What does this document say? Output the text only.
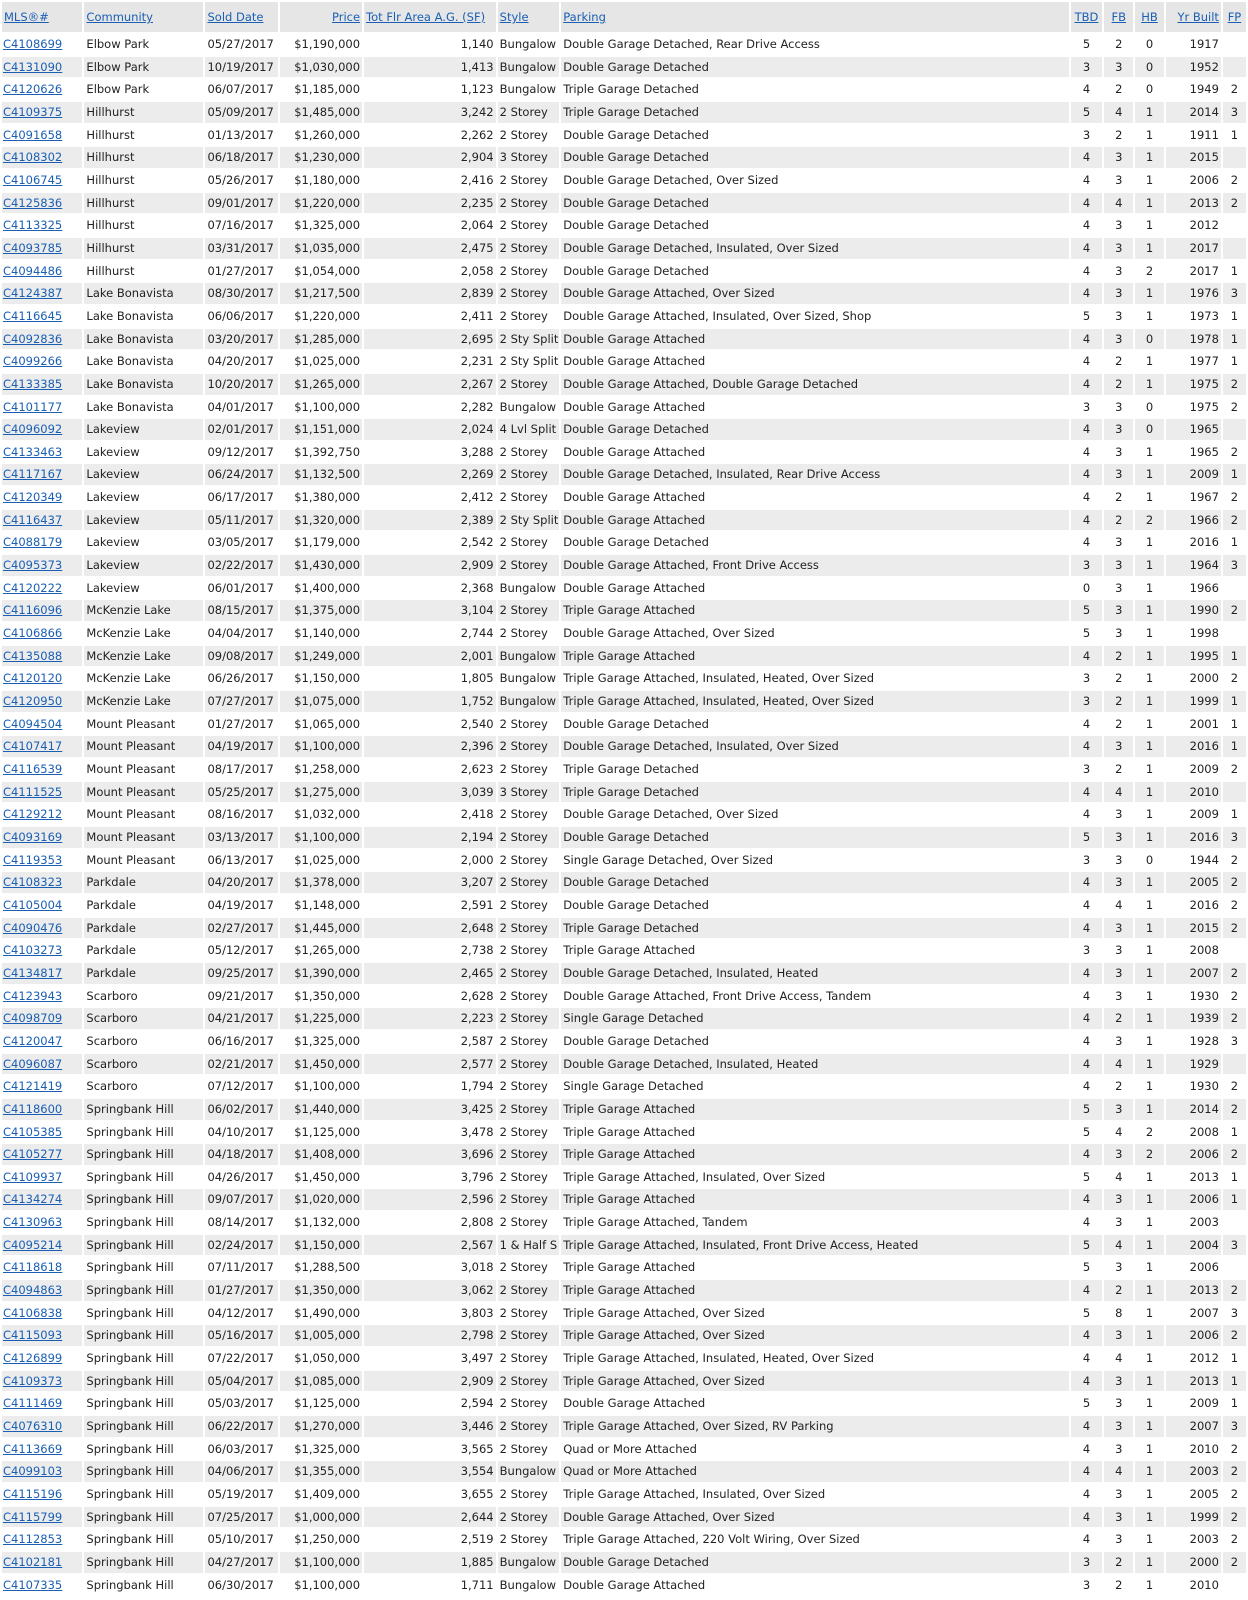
MLS®#	Community	Sold Date	Price	Tot Flr Area A.G. (SF)	Style	Parking	TBD	FB	HB	Yr Built	FP
C4108699	Elbow Park	05/27/2017	$1,190,000	1,140	Bungalow	Double Garage Detached, Rear Drive Access	5	2	0	1917	
C4131090	Elbow Park	10/19/2017	$1,030,000	1,413	Bungalow	Double Garage Detached	3	3	0	1952	
C4120626	Elbow Park	06/07/2017	$1,185,000	1,123	Bungalow	Triple Garage Detached	4	2	0	1949	2
C4109375	Hillhurst	05/09/2017	$1,485,000	3,242	2 Storey	Triple Garage Detached	5	4	1	2014	3
C4091658	Hillhurst	01/13/2017	$1,260,000	2,262	2 Storey	Double Garage Detached	3	2	1	1911	1
C4108302	Hillhurst	06/18/2017	$1,230,000	2,904	3 Storey	Double Garage Detached	4	3	1	2015	
C4106745	Hillhurst	05/26/2017	$1,180,000	2,416	2 Storey	Double Garage Detached, Over Sized	4	3	1	2006	2
C4125836	Hillhurst	09/01/2017	$1,220,000	2,235	2 Storey	Double Garage Detached	4	4	1	2013	2
C4113325	Hillhurst	07/16/2017	$1,325,000	2,064	2 Storey	Double Garage Detached	4	3	1	2012	
C4093785	Hillhurst	03/31/2017	$1,035,000	2,475	2 Storey	Double Garage Detached, Insulated, Over Sized	4	3	1	2017	
C4094486	Hillhurst	01/27/2017	$1,054,000	2,058	2 Storey	Double Garage Detached	4	3	2	2017	1
C4124387	Lake Bonavista	08/30/2017	$1,217,500	2,839	2 Storey	Double Garage Attached, Over Sized	4	3	1	1976	3
C4116645	Lake Bonavista	06/06/2017	$1,220,000	2,411	2 Storey	Double Garage Attached, Insulated, Over Sized, Shop	5	3	1	1973	1
C4092836	Lake Bonavista	03/20/2017	$1,285,000	2,695	2 Sty Split	Double Garage Attached	4	3	0	1978	1
C4099266	Lake Bonavista	04/20/2017	$1,025,000	2,231	2 Sty Split	Double Garage Attached	4	2	1	1977	1
C4133385	Lake Bonavista	10/20/2017	$1,265,000	2,267	2 Storey	Double Garage Attached, Double Garage Detached	4	2	1	1975	2
C4101177	Lake Bonavista	04/01/2017	$1,100,000	2,282	Bungalow	Double Garage Attached	3	3	0	1975	2
C4096092	Lakeview	02/01/2017	$1,151,000	2,024	4 Lvl Split	Double Garage Detached	4	3	0	1965	
C4133463	Lakeview	09/12/2017	$1,392,750	3,288	2 Storey	Double Garage Attached	4	3	1	1965	2
C4117167	Lakeview	06/24/2017	$1,132,500	2,269	2 Storey	Double Garage Detached, Insulated, Rear Drive Access	4	3	1	2009	1
C4120349	Lakeview	06/17/2017	$1,380,000	2,412	2 Storey	Double Garage Attached	4	2	1	1967	2
C4116437	Lakeview	05/11/2017	$1,320,000	2,389	2 Sty Split	Double Garage Attached	4	2	2	1966	2
C4088179	Lakeview	03/05/2017	$1,179,000	2,542	2 Storey	Double Garage Detached	4	3	1	2016	1
C4095373	Lakeview	02/22/2017	$1,430,000	2,909	2 Storey	Double Garage Attached, Front Drive Access	3	3	1	1964	3
C4120222	Lakeview	06/01/2017	$1,400,000	2,368	Bungalow	Double Garage Attached	0	3	1	1966	
C4116096	McKenzie Lake	08/15/2017	$1,375,000	3,104	2 Storey	Triple Garage Attached	5	3	1	1990	2
C4106866	McKenzie Lake	04/04/2017	$1,140,000	2,744	2 Storey	Double Garage Attached, Over Sized	5	3	1	1998	
C4135088	McKenzie Lake	09/08/2017	$1,249,000	2,001	Bungalow	Triple Garage Attached	4	2	1	1995	1
C4120120	McKenzie Lake	06/26/2017	$1,150,000	1,805	Bungalow	Triple Garage Attached, Insulated, Heated, Over Sized	3	2	1	2000	2
C4120950	McKenzie Lake	07/27/2017	$1,075,000	1,752	Bungalow	Triple Garage Attached, Insulated, Heated, Over Sized	3	2	1	1999	1
C4094504	Mount Pleasant	01/27/2017	$1,065,000	2,540	2 Storey	Double Garage Detached	4	2	1	2001	1
C4107417	Mount Pleasant	04/19/2017	$1,100,000	2,396	2 Storey	Double Garage Detached, Insulated, Over Sized	4	3	1	2016	1
C4116539	Mount Pleasant	08/17/2017	$1,258,000	2,623	2 Storey	Triple Garage Detached	3	2	1	2009	2
C4111525	Mount Pleasant	05/25/2017	$1,275,000	3,039	3 Storey	Triple Garage Detached	4	4	1	2010	
C4129212	Mount Pleasant	08/16/2017	$1,032,000	2,418	2 Storey	Double Garage Detached, Over Sized	4	3	1	2009	1
C4093169	Mount Pleasant	03/13/2017	$1,100,000	2,194	2 Storey	Double Garage Detached	5	3	1	2016	3
C4119353	Mount Pleasant	06/13/2017	$1,025,000	2,000	2 Storey	Single Garage Detached, Over Sized	3	3	0	1944	2
C4108323	Parkdale	04/20/2017	$1,378,000	3,207	2 Storey	Double Garage Detached	4	3	1	2005	2
C4105004	Parkdale	04/19/2017	$1,148,000	2,591	2 Storey	Double Garage Detached	4	4	1	2016	2
C4090476	Parkdale	02/27/2017	$1,445,000	2,648	2 Storey	Triple Garage Detached	4	3	1	2015	2
C4103273	Parkdale	05/12/2017	$1,265,000	2,738	2 Storey	Triple Garage Attached	3	3	1	2008	
C4134817	Parkdale	09/25/2017	$1,390,000	2,465	2 Storey	Double Garage Detached, Insulated, Heated	4	3	1	2007	2
C4123943	Scarboro	09/21/2017	$1,350,000	2,628	2 Storey	Double Garage Attached, Front Drive Access, Tandem	4	3	1	1930	2
C4098709	Scarboro	04/21/2017	$1,225,000	2,223	2 Storey	Single Garage Detached	4	2	1	1939	2
C4120047	Scarboro	06/16/2017	$1,325,000	2,587	2 Storey	Double Garage Detached	4	3	1	1928	3
C4096087	Scarboro	02/21/2017	$1,450,000	2,577	2 Storey	Double Garage Detached, Insulated, Heated	4	4	1	1929	
C4121419	Scarboro	07/12/2017	$1,100,000	1,794	2 Storey	Single Garage Detached	4	2	1	1930	2
C4118600	Springbank Hill	06/02/2017	$1,440,000	3,425	2 Storey	Triple Garage Attached	5	3	1	2014	2
C4105385	Springbank Hill	04/10/2017	$1,125,000	3,478	2 Storey	Triple Garage Attached	5	4	2	2008	1
C4105277	Springbank Hill	04/18/2017	$1,408,000	3,696	2 Storey	Triple Garage Attached	4	3	2	2006	2
C4109937	Springbank Hill	04/26/2017	$1,450,000	3,796	2 Storey	Triple Garage Attached, Insulated, Over Sized	5	4	1	2013	1
C4134274	Springbank Hill	09/07/2017	$1,020,000	2,596	2 Storey	Triple Garage Attached	4	3	1	2006	1
C4130963	Springbank Hill	08/14/2017	$1,132,000	2,808	2 Storey	Triple Garage Attached, Tandem	4	3	1	2003	
C4095214	Springbank Hill	02/24/2017	$1,150,000	2,567	1 & Half S	Triple Garage Attached, Insulated, Front Drive Access, Heated	5	4	1	2004	3
C4118618	Springbank Hill	07/11/2017	$1,288,500	3,018	2 Storey	Triple Garage Attached	5	3	1	2006	
C4094863	Springbank Hill	01/27/2017	$1,350,000	3,062	2 Storey	Triple Garage Attached	4	2	1	2013	2
C4106838	Springbank Hill	04/12/2017	$1,490,000	3,803	2 Storey	Triple Garage Attached, Over Sized	5	8	1	2007	3
C4115093	Springbank Hill	05/16/2017	$1,005,000	2,798	2 Storey	Triple Garage Attached, Over Sized	4	3	1	2006	2
C4126899	Springbank Hill	07/22/2017	$1,050,000	3,497	2 Storey	Triple Garage Attached, Insulated, Heated, Over Sized	4	4	1	2012	1
C4109373	Springbank Hill	05/04/2017	$1,085,000	2,909	2 Storey	Triple Garage Attached, Over Sized	4	3	1	2013	1
C4111469	Springbank Hill	05/03/2017	$1,125,000	2,594	2 Storey	Double Garage Attached	5	3	1	2009	1
C4076310	Springbank Hill	06/22/2017	$1,270,000	3,446	2 Storey	Triple Garage Attached, Over Sized, RV Parking	4	3	1	2007	3
C4113669	Springbank Hill	06/03/2017	$1,325,000	3,565	2 Storey	Quad or More Attached	4	3	1	2010	2
C4099103	Springbank Hill	04/06/2017	$1,355,000	3,554	Bungalow	Quad or More Attached	4	4	1	2003	2
C4115196	Springbank Hill	05/19/2017	$1,409,000	3,655	2 Storey	Triple Garage Attached, Insulated, Over Sized	4	3	1	2005	2
C4115799	Springbank Hill	07/25/2017	$1,000,000	2,644	2 Storey	Double Garage Attached, Over Sized	4	3	1	1999	2
C4112853	Springbank Hill	05/10/2017	$1,250,000	2,519	2 Storey	Triple Garage Attached, 220 Volt Wiring, Over Sized	4	3	1	2003	2
C4102181	Springbank Hill	04/27/2017	$1,100,000	1,885	Bungalow	Double Garage Detached	3	2	1	2000	2
C4107335	Springbank Hill	06/30/2017	$1,100,000	1,711	Bungalow	Double Garage Attached	3	2	1	2010	
